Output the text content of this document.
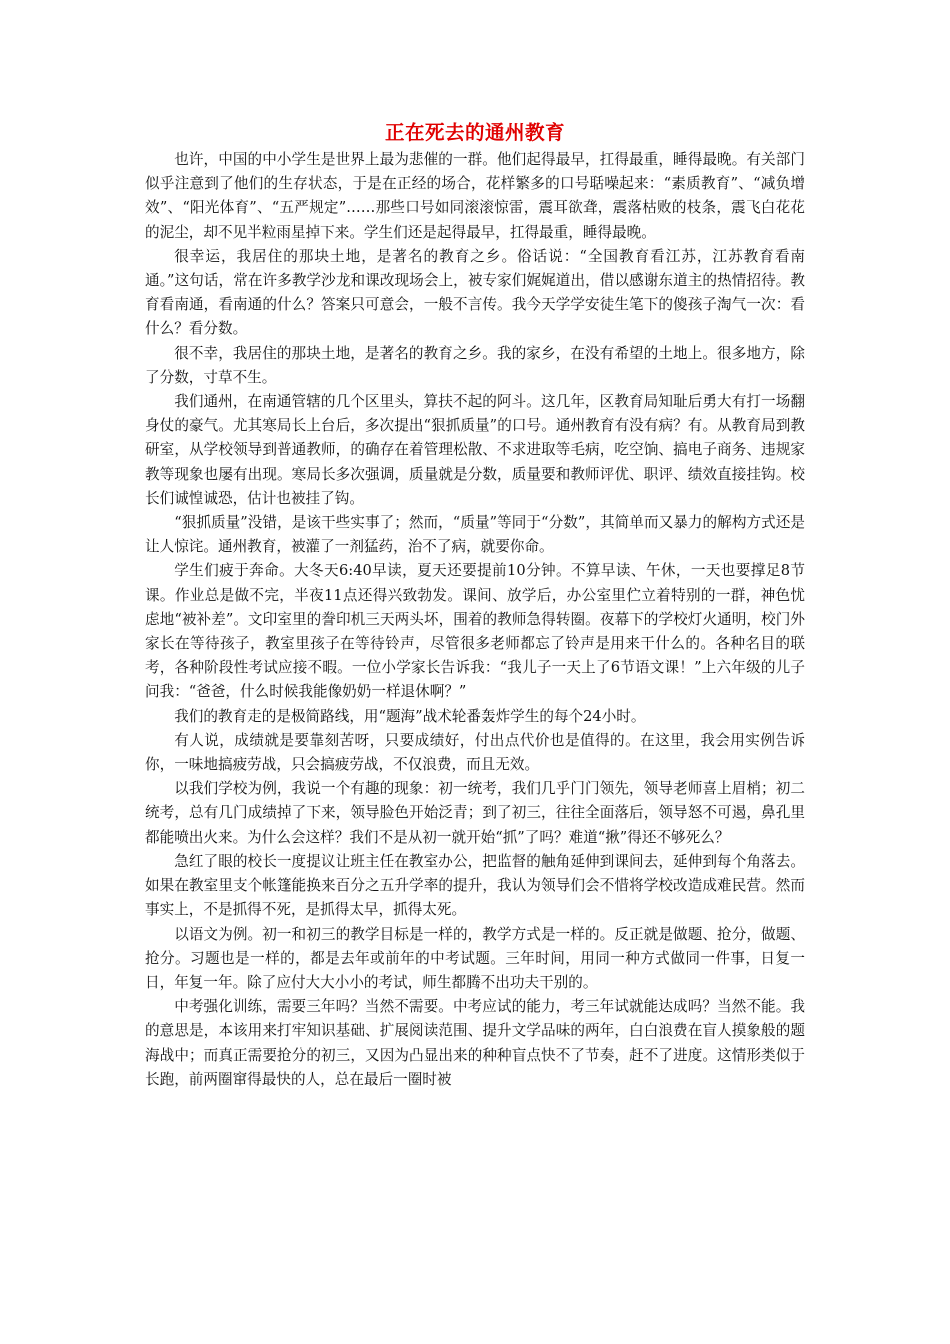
正在死去的通州教育

也许，中国的中小学生是世界上最为悲催的一群。他们起得最早，扛得最重，睡得最晚。有关部门似乎注意到了他们的生存状态，于是在正经的场合，花样繁多的口号聒噪起来：“素质教育”、“减负增效”、“阳光体育”、“五严规定”……那些口号如同滚滚惊雷，震耳欲聋，震落枯败的枝条，震飞白花花的泥尘，却不见半粒雨星掉下来。学生们还是起得最早，扛得最重，睡得最晚。

很幸运，我居住的那块土地，是著名的教育之乡。俗话说：“全国教育看江苏，江苏教育看南通。”这句话，常在许多教学沙龙和课改现场会上，被专家们娓娓道出，借以感谢东道主的热情招待。教育看南通，看南通的什么？答案只可意会，一般不言传。我今天学学安徒生笔下的傻孩子淘气一次：看什么？看分数。

很不幸，我居住的那块土地，是著名的教育之乡。我的家乡，在没有希望的土地上。很多地方，除了分数，寸草不生。

我们通州，在南通管辖的几个区里头，算扶不起的阿斗。这几年，区教育局知耻后勇大有打一场翻身仗的豪气。尤其寒局长上台后，多次提出“狠抓质量”的口号。通州教育有没有病？有。从教育局到教研室，从学校领导到普通教师，的确存在着管理松散、不求进取等毛病，吃空饷、搞电子商务、违规家教等现象也屡有出现。寒局长多次强调，质量就是分数，质量要和教师评优、职评、绩效直接挂钩。校长们诚惶诚恐，估计也被挂了钩。

“狠抓质量”没错，是该干些实事了；然而，“质量”等同于“分数”，其简单而又暴力的解构方式还是让人惊诧。通州教育，被灌了一剂猛药，治不了病，就要你命。

学生们疲于奔命。大冬天6:40早读，夏天还要提前10分钟。不算早读、午休，一天也要撑足8节课。作业总是做不完，半夜11点还得兴致勃发。课间、放学后，办公室里伫立着特别的一群，神色忧虑地“被补差”。文印室里的誊印机三天两头坏，围着的教师急得转圈。夜幕下的学校灯火通明，校门外家长在等待孩子，教室里孩子在等待铃声，尽管很多老师都忘了铃声是用来干什么的。各种名目的联考，各种阶段性考试应接不暇。一位小学家长告诉我：“我儿子一天上了6节语文课！”上六年级的儿子问我：“爸爸，什么时候我能像奶奶一样退休啊？”

我们的教育走的是极简路线，用“题海”战术轮番轰炸学生的每个24小时。

有人说，成绩就是要靠刻苦呀，只要成绩好，付出点代价也是值得的。在这里，我会用实例告诉你，一味地搞疲劳战，只会搞疲劳战，不仅浪费，而且无效。

以我们学校为例，我说一个有趣的现象：初一统考，我们几乎门门领先，领导老师喜上眉梢；初二统考，总有几门成绩掉了下来，领导脸色开始泛青；到了初三，往往全面落后，领导怒不可遏，鼻孔里都能喷出火来。为什么会这样？我们不是从初一就开始“抓”了吗？难道“揪”得还不够死么？

急红了眼的校长一度提议让班主任在教室办公，把监督的触角延伸到课间去，延伸到每个角落去。如果在教室里支个帐篷能换来百分之五升学率的提升，我认为领导们会不惜将学校改造成难民营。然而事实上，不是抓得不死，是抓得太早，抓得太死。

以语文为例。初一和初三的教学目标是一样的，教学方式是一样的。反正就是做题、抢分，做题、抢分。习题也是一样的，都是去年或前年的中考试题。三年时间，用同一种方式做同一件事，日复一日，年复一年。除了应付大大小小的考试，师生都腾不出功夫干别的。

中考强化训练，需要三年吗？当然不需要。中考应试的能力，考三年试就能达成吗？当然不能。我的意思是，本该用来打牢知识基础、扩展阅读范围、提升文学品味的两年，白白浪费在盲人摸象般的题海战中；而真正需要抢分的初三，又因为凸显出来的种种盲点快不了节奏，赶不了进度。这情形类似于长跑，前两圈窜得最快的人，总在最后一圈时被
